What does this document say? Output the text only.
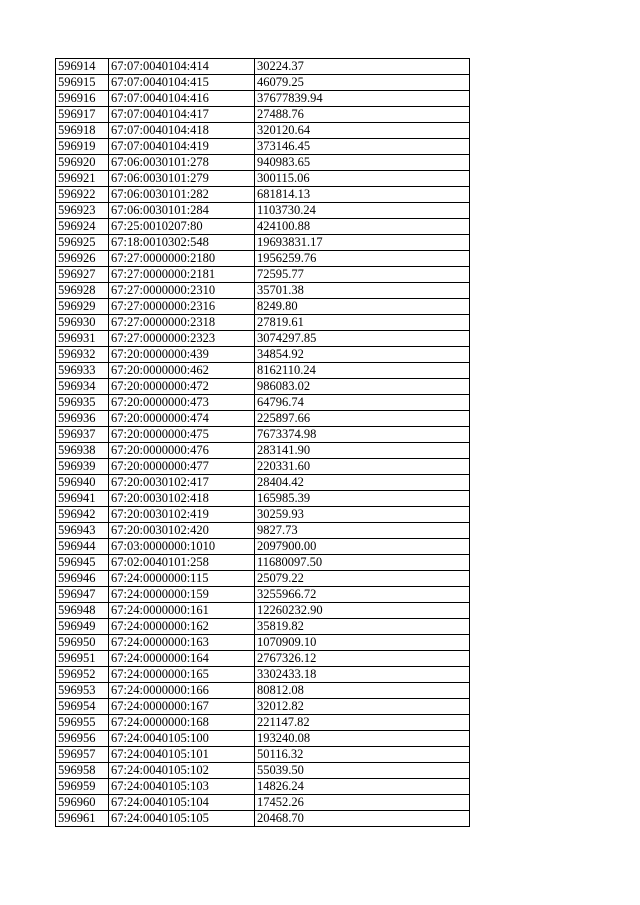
596914	67:07:0040104:414	30224.37
596915	67:07:0040104:415	46079.25
596916	67:07:0040104:416	37677839.94
596917	67:07:0040104:417	27488.76
596918	67:07:0040104:418	320120.64
596919	67:07:0040104:419	373146.45
596920	67:06:0030101:278	940983.65
596921	67:06:0030101:279	300115.06
596922	67:06:0030101:282	681814.13
596923	67:06:0030101:284	1103730.24
596924	67:25:0010207:80	424100.88
596925	67:18:0010302:548	19693831.17
596926	67:27:0000000:2180	1956259.76
596927	67:27:0000000:2181	72595.77
596928	67:27:0000000:2310	35701.38
596929	67:27:0000000:2316	8249.80
596930	67:27:0000000:2318	27819.61
596931	67:27:0000000:2323	3074297.85
596932	67:20:0000000:439	34854.92
596933	67:20:0000000:462	8162110.24
596934	67:20:0000000:472	986083.02
596935	67:20:0000000:473	64796.74
596936	67:20:0000000:474	225897.66
596937	67:20:0000000:475	7673374.98
596938	67:20:0000000:476	283141.90
596939	67:20:0000000:477	220331.60
596940	67:20:0030102:417	28404.42
596941	67:20:0030102:418	165985.39
596942	67:20:0030102:419	30259.93
596943	67:20:0030102:420	9827.73
596944	67:03:0000000:1010	2097900.00
596945	67:02:0040101:258	11680097.50
596946	67:24:0000000:115	25079.22
596947	67:24:0000000:159	3255966.72
596948	67:24:0000000:161	12260232.90
596949	67:24:0000000:162	35819.82
596950	67:24:0000000:163	1070909.10
596951	67:24:0000000:164	2767326.12
596952	67:24:0000000:165	3302433.18
596953	67:24:0000000:166	80812.08
596954	67:24:0000000:167	32012.82
596955	67:24:0000000:168	221147.82
596956	67:24:0040105:100	193240.08
596957	67:24:0040105:101	50116.32
596958	67:24:0040105:102	55039.50
596959	67:24:0040105:103	14826.24
596960	67:24:0040105:104	17452.26
596961	67:24:0040105:105	20468.70
